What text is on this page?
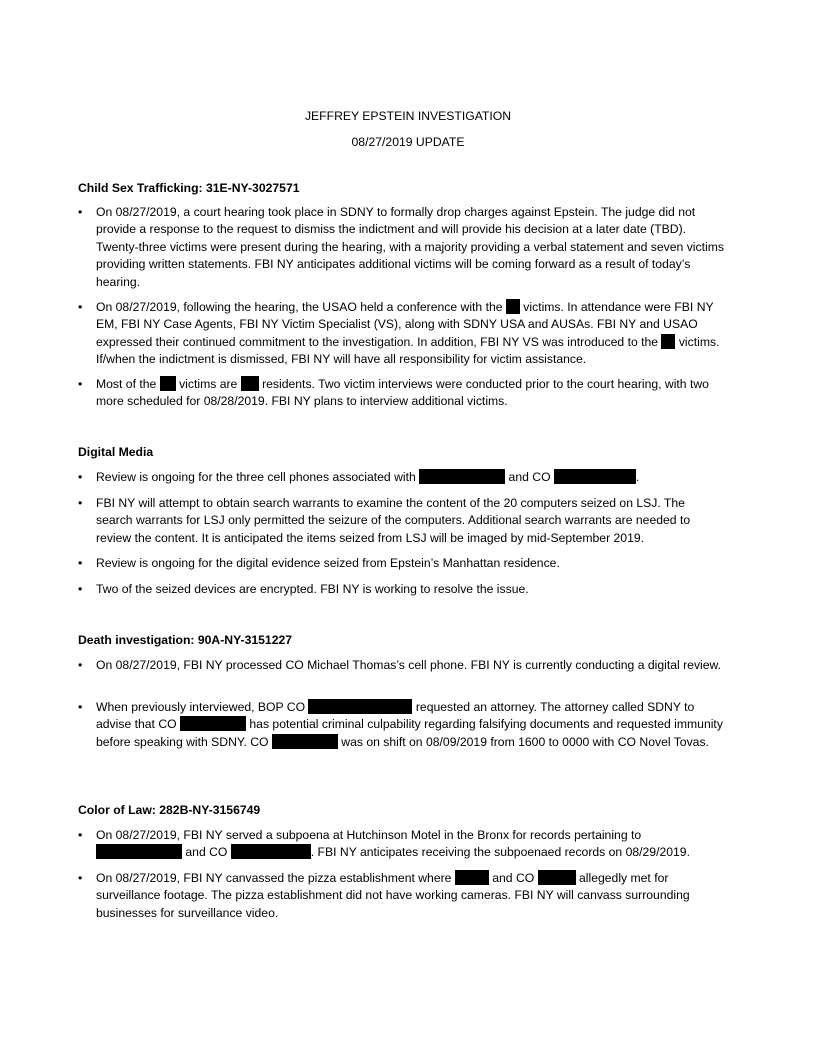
JEFFREY EPSTEIN INVESTIGATION
08/27/2019 UPDATE
Child Sex Trafficking: 31E-NY-3027571
•	On 08/27/2019, a court hearing took place in SDNY to formally drop charges against Epstein. The judge did not provide a response to the request to dismiss the indictment and will provide his decision at a later date (TBD). Twenty-three victims were present during the hearing, with a majority providing a verbal statement and seven victims providing written statements. FBI NY anticipates additional victims will be coming forward as a result of today’s hearing.
•	On 08/27/2019, following the hearing, the USAO held a conference with the  victims. In attendance were FBI NY EM, FBI NY Case Agents, FBI NY Victim Specialist (VS), along with SDNY USA and AUSAs. FBI NY and USAO expressed their continued commitment to the investigation. In addition, FBI NY VS was introduced to the  victims. If/when the indictment is dismissed, FBI NY will have all responsibility for victim assistance.
•	Most of the  victims are  residents. Two victim interviews were conducted prior to the court hearing, with two more scheduled for 08/28/2019. FBI NY plans to interview additional victims.
Digital Media
•	Review is ongoing for the three cell phones associated with	and CO	.
•	FBI NY will attempt to obtain search warrants to examine the content of the 20 computers seized on LSJ. The search warrants for LSJ only permitted the seizure of the computers. Additional search warrants are needed to review the content. It is anticipated the items seized from LSJ will be imaged by mid-September 2019.
•	Review is ongoing for the digital evidence seized from Epstein’s Manhattan residence.
•	Two of the seized devices are encrypted. FBI NY is working to resolve the issue.
Death investigation: 90A-NY-3151227
•	On 08/27/2019, FBI NY processed CO Michael Thomas’s cell phone. FBI NY is currently conducting a digital review.
•	When previously interviewed, BOP CO	requested an attorney. The attorney called SDNY to advise that CO	has potential criminal culpability regarding falsifying documents and requested immunity before speaking with SDNY. CO	was on shift on 08/09/2019 from 1600 to 0000 with CO Novel Tovas.
Color of Law: 282B-NY-3156749
•	On 08/27/2019, FBI NY served a subpoena at Hutchinson Motel in the Bronx for records pertaining to  and CO	. FBI NY anticipates receiving the subpoenaed records on 08/29/2019.
•	On 08/27/2019, FBI NY canvassed the pizza establishment where	and CO	allegedly met for surveillance footage. The pizza establishment did not have working cameras. FBI NY will canvass surrounding businesses for surveillance video.
